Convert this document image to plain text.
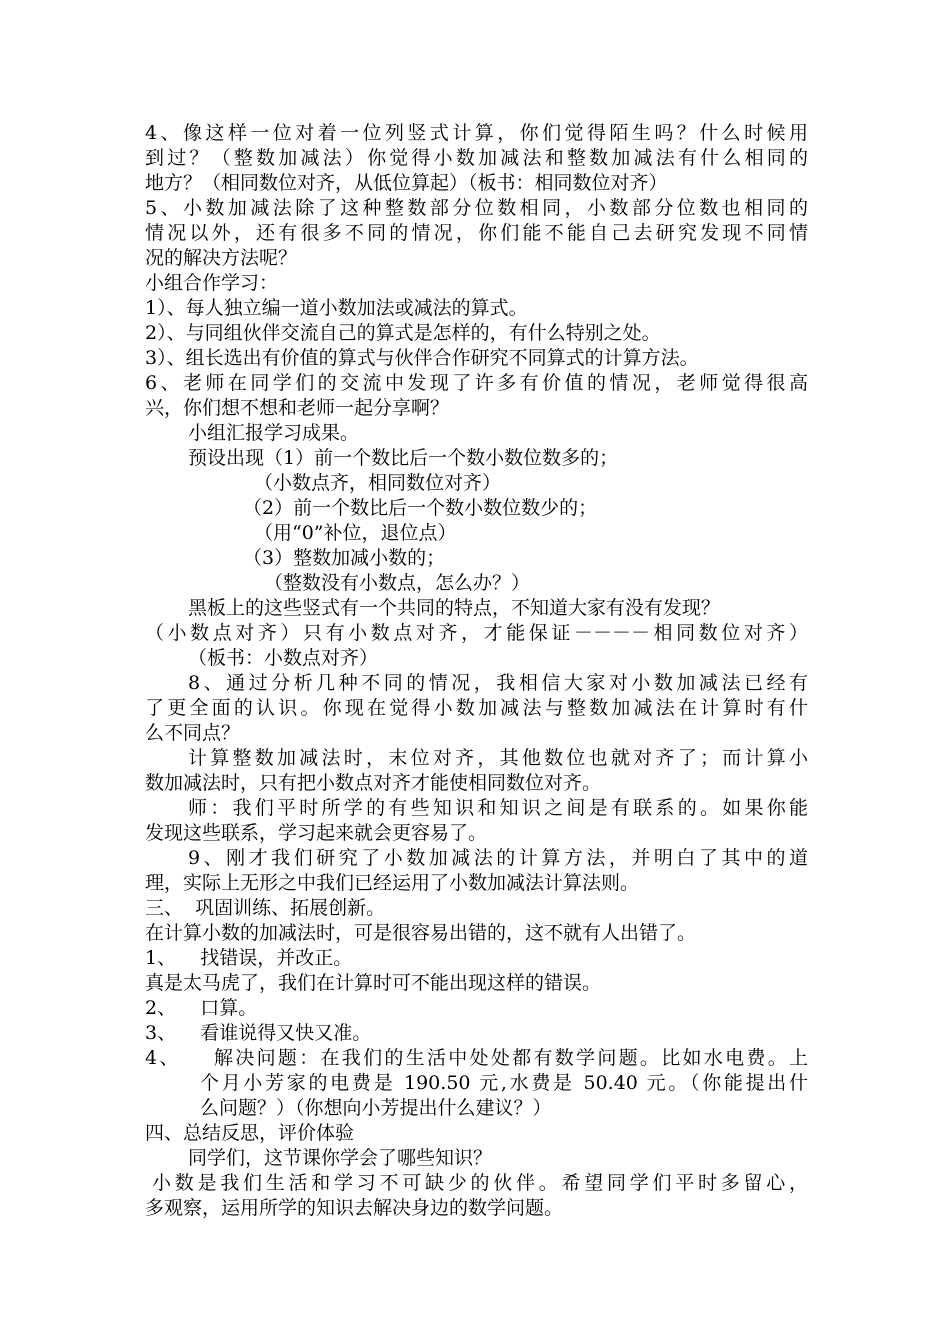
4、像这样一位对着一位列竖式计算，你们觉得陌生吗？什么时候用
到过？（整数加减法）你觉得小数加减法和整数加减法有什么相同的
地方？（相同数位对齐，从低位算起）（板书：相同数位对齐）
5、小数加减法除了这种整数部分位数相同，小数部分位数也相同的
情况以外，还有很多不同的情况，你们能不能自己去研究发现不同情
况的解决方法呢？
小组合作学习：
1）、每人独立编一道小数加法或减法的算式。
2）、与同组伙伴交流自己的算式是怎样的，有什么特别之处。
3）、组长选出有价值的算式与伙伴合作研究不同算式的计算方法。
6、老师在同学们的交流中发现了许多有价值的情况，老师觉得很高
兴，你们想不想和老师一起分享啊？
小组汇报学习成果。
预设出现（1）前一个数比后一个数小数位数多的；
（小数点齐，相同数位对齐）
（2）前一个数比后一个数小数位数少的；
（用“0”补位，退位点）
（3）整数加减小数的；
（整数没有小数点，怎么办？）
黑板上的这些竖式有一个共同的特点，不知道大家有没有发现？
（小数点对齐）只有小数点对齐，才能保证－－－－相同数位对齐）
（板书：小数点对齐）
8、通过分析几种不同的情况，我相信大家对小数加减法已经有
了更全面的认识。你现在觉得小数加减法与整数加减法在计算时有什
么不同点？
计算整数加减法时，末位对齐，其他数位也就对齐了；而计算小
数加减法时，只有把小数点对齐才能使相同数位对齐。
师：我们平时所学的有些知识和知识之间是有联系的。如果你能
发现这些联系，学习起来就会更容易了。
9、刚才我们研究了小数加减法的计算方法，并明白了其中的道
理，实际上无形之中我们已经运用了小数加减法计算法则。
三、  巩固训练、拓展创新。
在计算小数的加减法时，可是很容易出错的，这不就有人出错了。
1、    找错误，并改正。
真是太马虎了，我们在计算时可不能出现这样的错误。
2、    口算。
3、    看谁说得又快又准。
4、    解决问题：在我们的生活中处处都有数学问题。比如水电费。上
个月小芳家的电费是 190.50 元,水费是 50.40 元。（你能提出什
么问题？）（你想向小芳提出什么建议？）
四、总结反思，评价体验
同学们，这节课你学会了哪些知识？
小数是我们生活和学习不可缺少的伙伴。希望同学们平时多留心，
多观察，运用所学的知识去解决身边的数学问题。
